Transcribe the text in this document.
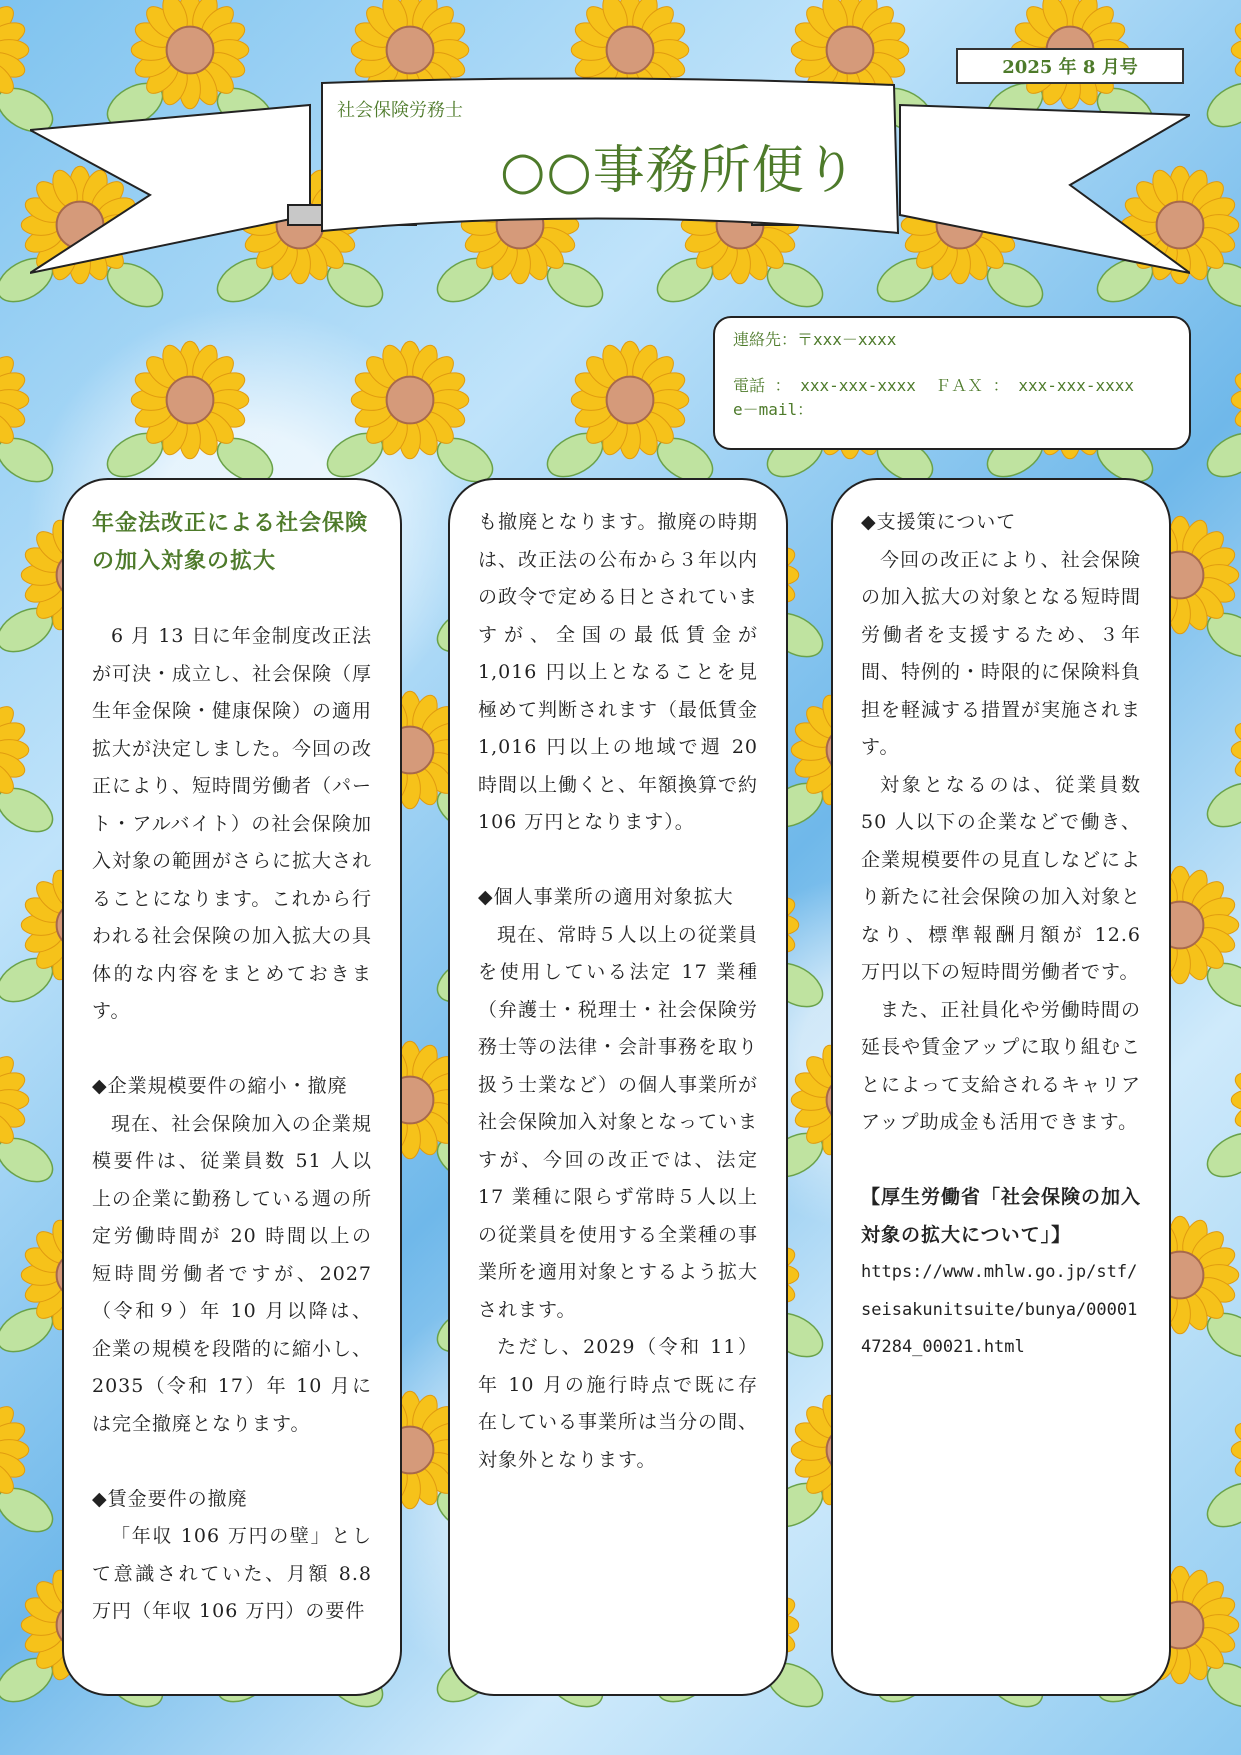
2025 年 8 月号
社会保険労務士
○○事務所便り
連絡先：〒xxx－xxxx
電話 ： xxx-xxx-xxxx  ＦＡＸ ： xxx-xxx-xxxx
e－mail：
年金法改正による社会保険の加入対象の拡大
6 月 13 日に年金制度改正法が可決・成立し、社会保険（厚生年金保険・健康保険）の適用拡大が決定しました。今回の改正により、短時間労働者（パート・アルバイト）の社会保険加入対象の範囲がさらに拡大されることになります。これから行われる社会保険の加入拡大の具体的な内容をまとめておきます。
◆企業規模要件の縮小・撤廃
現在、社会保険加入の企業規模要件は、従業員数 51 人以上の企業に勤務している週の所定労働時間が 20 時間以上の短時間労働者ですが、2027（令和９）年 10 月以降は、企業の規模を段階的に縮小し、2035（令和 17）年 10 月には完全撤廃となります。
◆賃金要件の撤廃
「年収 106 万円の壁」として意識されていた、月額 8.8 万円（年収 106 万円）の要件
も撤廃となります。撤廃の時期は、改正法の公布から３年以内の政令で定める日とされていますが、全国の最低賃金が 1,016 円以上となることを見極めて判断されます（最低賃金 1,016 円以上の地域で週 20 時間以上働くと、年額換算で約 106 万円となります）。
◆個人事業所の適用対象拡大
現在、常時５人以上の従業員を使用している法定 17 業種（弁護士・税理士・社会保険労務士等の法律・会計事務を取り扱う士業など）の個人事業所が社会保険加入対象となっていますが、今回の改正では、法定 17 業種に限らず常時５人以上の従業員を使用する全業種の事業所を適用対象とするよう拡大されます。
ただし、2029（令和 11）年 10 月の施行時点で既に存在している事業所は当分の間、対象外となります。
◆支援策について
今回の改正により、社会保険の加入拡大の対象となる短時間労働者を支援するため、３年間、特例的・時限的に保険料負担を軽減する措置が実施されます。
対象となるのは、従業員数 50 人以下の企業などで働き、企業規模要件の見直しなどにより新たに社会保険の加入対象となり、標準報酬月額が 12.6 万円以下の短時間労働者です。
また、正社員化や労働時間の延長や賃金アップに取り組むことによって支給されるキャリアアップ助成金も活用できます。
【厚生労働省「社会保険の加入対象の拡大について」】
https://www.mhlw.go.jp/stf/seisakunitsuite/bunya/0000147284_00021.html
